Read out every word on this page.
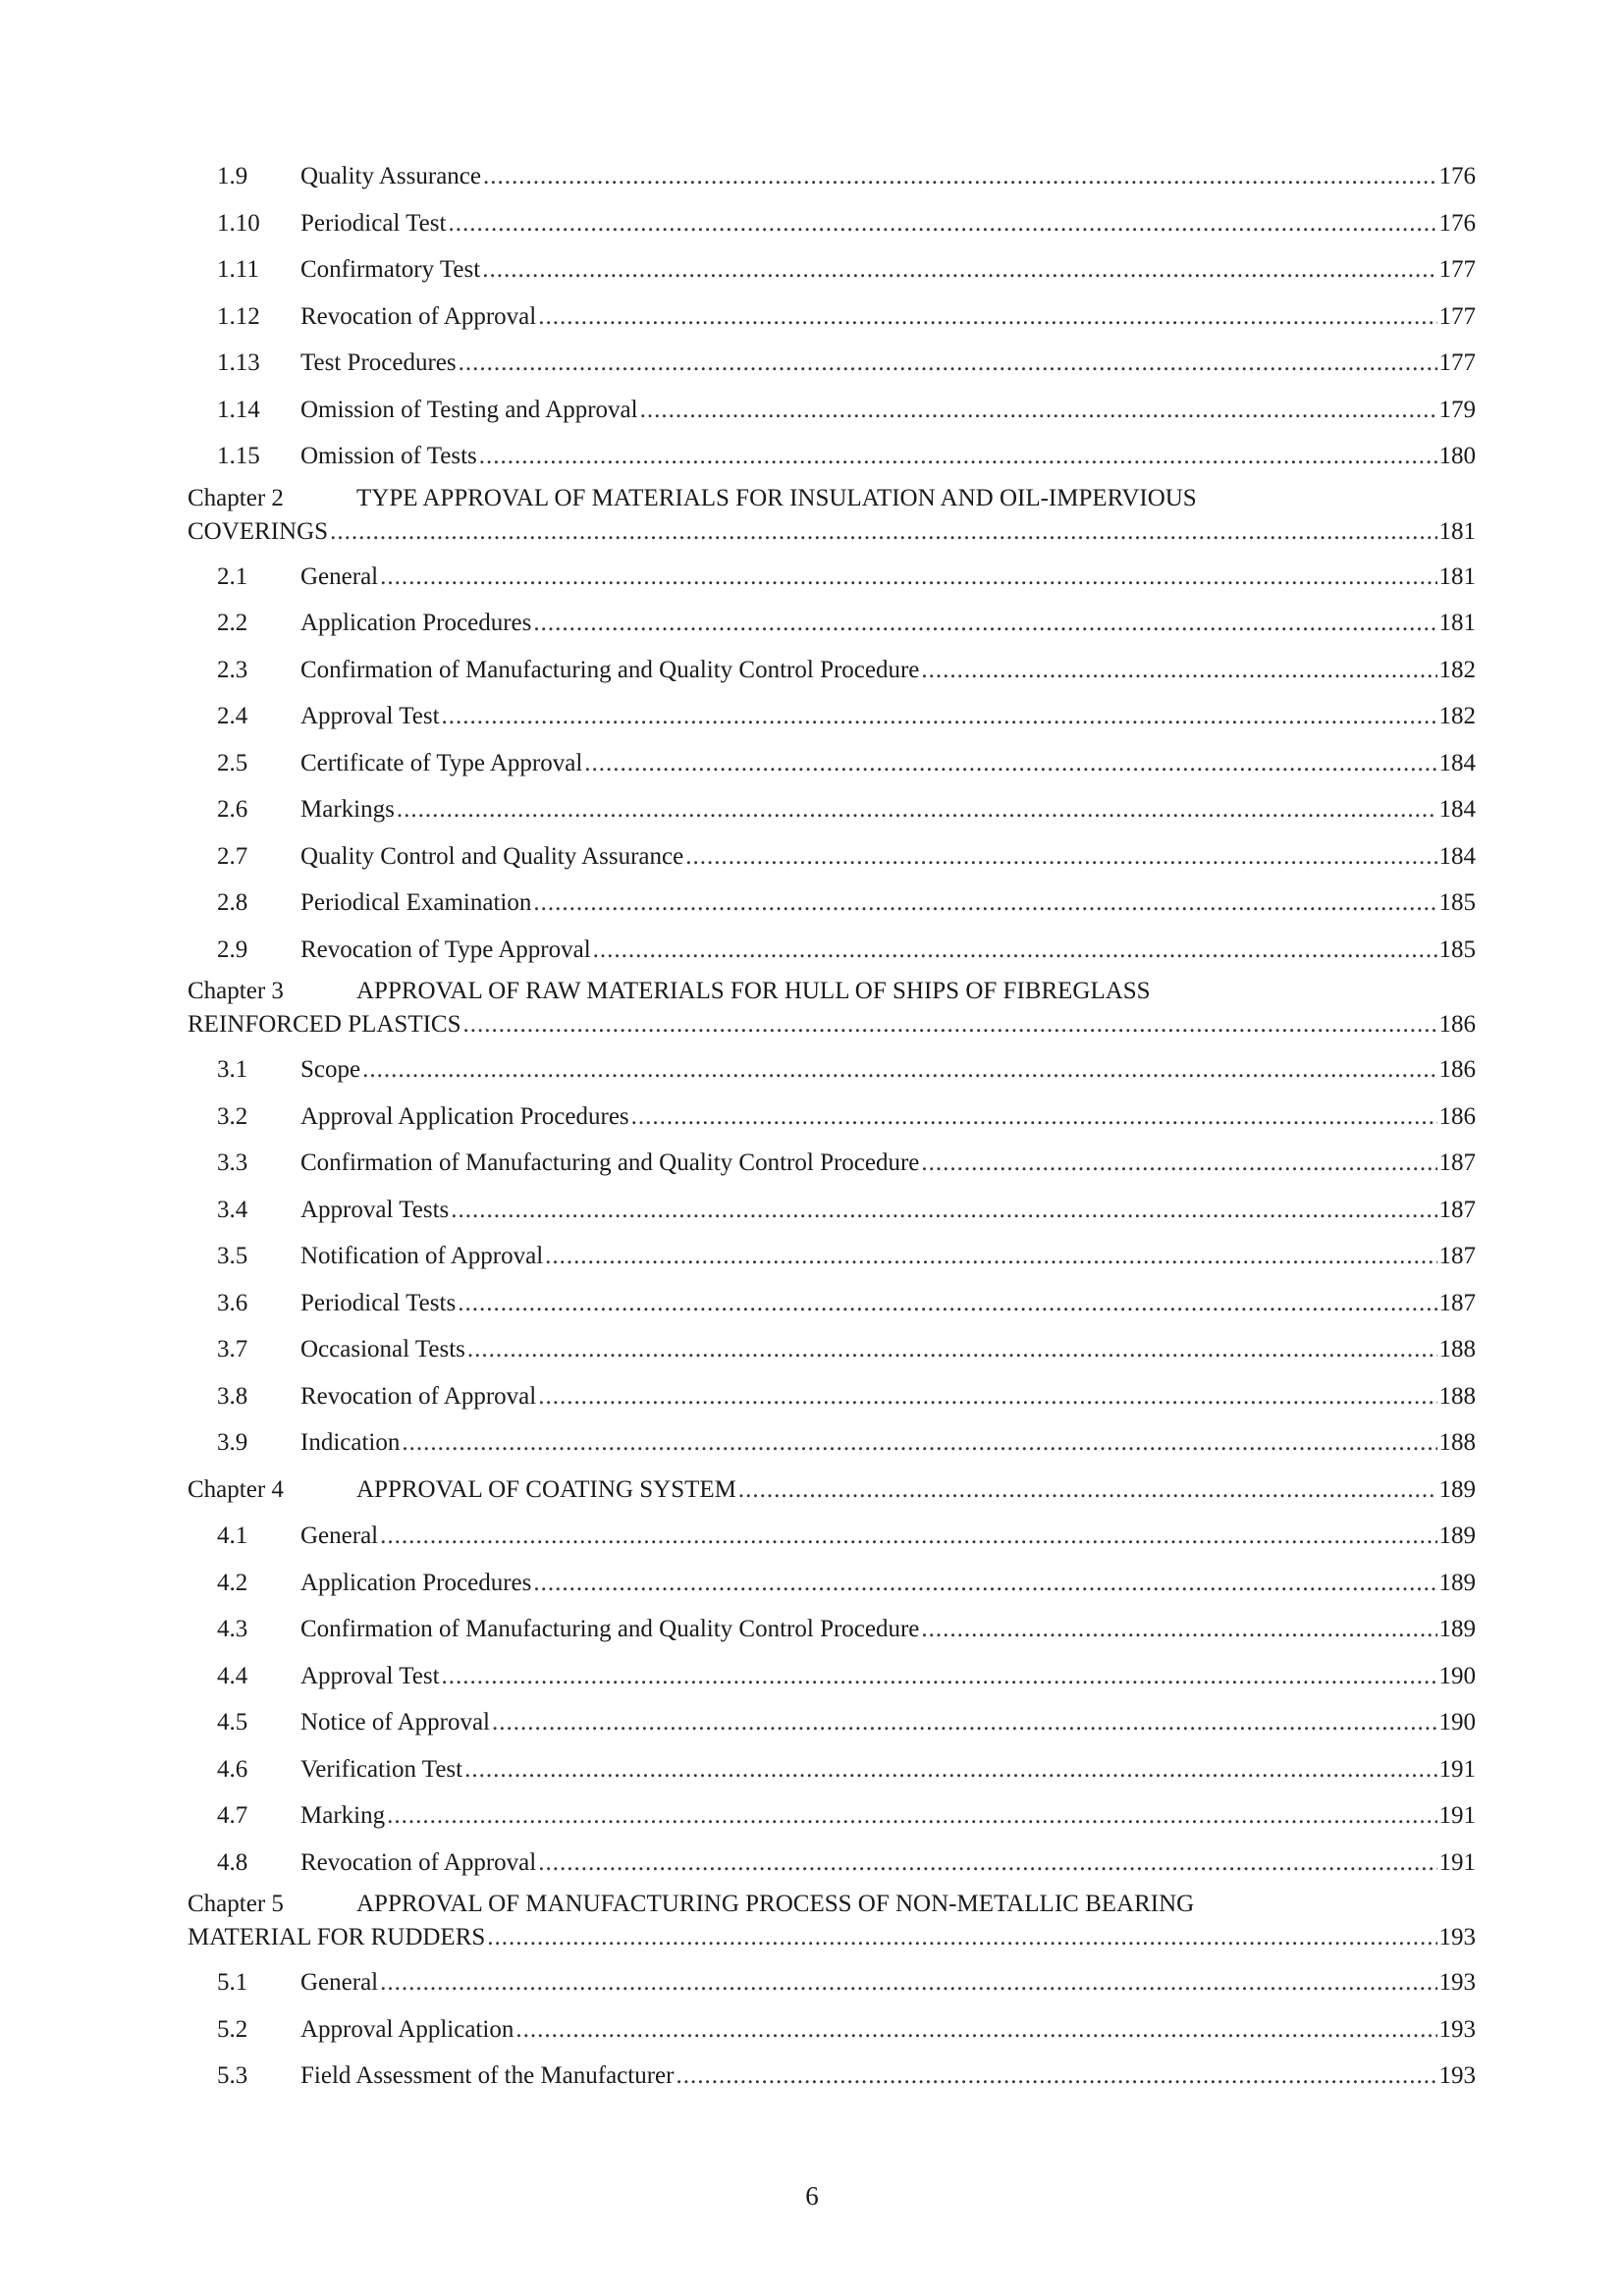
1.9	Quality Assurance .....	176
1.10	Periodical Test .....	176
1.11	Confirmatory Test .....	177
1.12	Revocation of Approval .....	177
1.13	Test Procedures .....	177
1.14	Omission of Testing and Approval .....	179
1.15	Omission of Tests .....	180
Chapter 2	TYPE APPROVAL OF MATERIALS FOR INSULATION AND OIL-IMPERVIOUS
COVERINGS .....	181
2.1	General .....	181
2.2	Application Procedures .....	181
2.3	Confirmation of Manufacturing and Quality Control Procedure .....	182
2.4	Approval Test .....	182
2.5	Certificate of Type Approval .....	184
2.6	Markings .....	184
2.7	Quality Control and Quality Assurance .....	184
2.8	Periodical Examination .....	185
2.9	Revocation of Type Approval .....	185
Chapter 3	APPROVAL OF RAW MATERIALS FOR HULL OF SHIPS OF FIBREGLASS
REINFORCED PLASTICS .....	186
3.1	Scope .....	186
3.2	Approval Application Procedures .....	186
3.3	Confirmation of Manufacturing and Quality Control Procedure .....	187
3.4	Approval Tests .....	187
3.5	Notification of Approval .....	187
3.6	Periodical Tests .....	187
3.7	Occasional Tests .....	188
3.8	Revocation of Approval .....	188
3.9	Indication .....	188
Chapter 4	APPROVAL OF COATING SYSTEM .....	189
4.1	General .....	189
4.2	Application Procedures .....	189
4.3	Confirmation of Manufacturing and Quality Control Procedure .....	189
4.4	Approval Test .....	190
4.5	Notice of Approval .....	190
4.6	Verification Test .....	191
4.7	Marking .....	191
4.8	Revocation of Approval .....	191
Chapter 5	APPROVAL OF MANUFACTURING PROCESS OF NON-METALLIC BEARING
MATERIAL FOR RUDDERS .....	193
5.1	General .....	193
5.2	Approval Application .....	193
5.3	Field Assessment of the Manufacturer .....	193
6
